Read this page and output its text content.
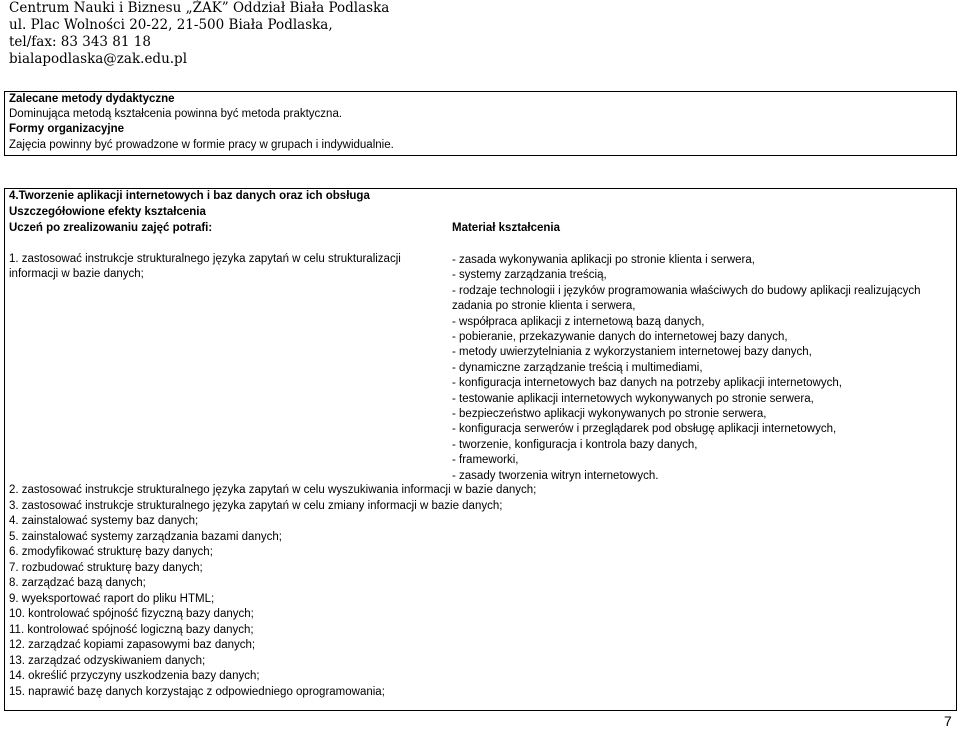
Centrum Nauki i Biznesu „ŻAK” Oddział Biała Podlaska
ul. Plac Wolności 20-22, 21-500 Biała Podlaska,
tel/fax: 83 343 81 18
bialapodlaska@zak.edu.pl
Zalecane metody dydaktyczne
Dominująca metodą kształcenia powinna być metoda praktyczna.
Formy organizacyjne
Zajęcia powinny być prowadzone w formie pracy w grupach i indywidualnie.
4.Tworzenie aplikacji internetowych i baz danych oraz ich obsługa
Uszczegółowione efekty kształcenia
Uczeń po zrealizowaniu zajęć potrafi:	Materiał kształcenia
1. zastosować instrukcje strukturalnego języka zapytań w celu strukturalizacji
informacji w bazie danych;
- zasada wykonywania aplikacji po stronie klienta i serwera,
- systemy zarządzania treścią,
- rodzaje technologii i języków programowania właściwych do budowy aplikacji realizujących zadania po stronie klienta i serwera,
- współpraca aplikacji z internetową bazą danych,
- pobieranie, przekazywanie danych do internetowej bazy danych,
- metody uwierzytelniania z wykorzystaniem internetowej bazy danych,
- dynamiczne zarządzanie treścią i multimediami,
- konfiguracja internetowych baz danych na potrzeby aplikacji internetowych,
- testowanie aplikacji internetowych wykonywanych po stronie serwera,
- bezpieczeństwo aplikacji wykonywanych po stronie serwera,
- konfiguracja serwerów i przeglądarek pod obsługę aplikacji internetowych,
- tworzenie, konfiguracja i kontrola bazy danych,
- frameworki,
- zasady tworzenia witryn internetowych.
2. zastosować instrukcje strukturalnego języka zapytań w celu wyszukiwania informacji w bazie danych;
3. zastosować instrukcje strukturalnego języka zapytań w celu zmiany informacji w bazie danych;
4. zainstalować systemy baz danych;
5. zainstalować systemy zarządzania bazami danych;
6. zmodyfikować strukturę bazy danych;
7. rozbudować strukturę bazy danych;
8. zarządzać bazą danych;
9. wyeksportować raport do pliku HTML;
10. kontrolować spójność fizyczną bazy danych;
11. kontrolować spójność logiczną bazy danych;
12. zarządzać kopiami zapasowymi baz danych;
13. zarządzać odzyskiwaniem danych;
14. określić przyczyny uszkodzenia bazy danych;
15. naprawić bazę danych korzystając z odpowiedniego oprogramowania;
7
